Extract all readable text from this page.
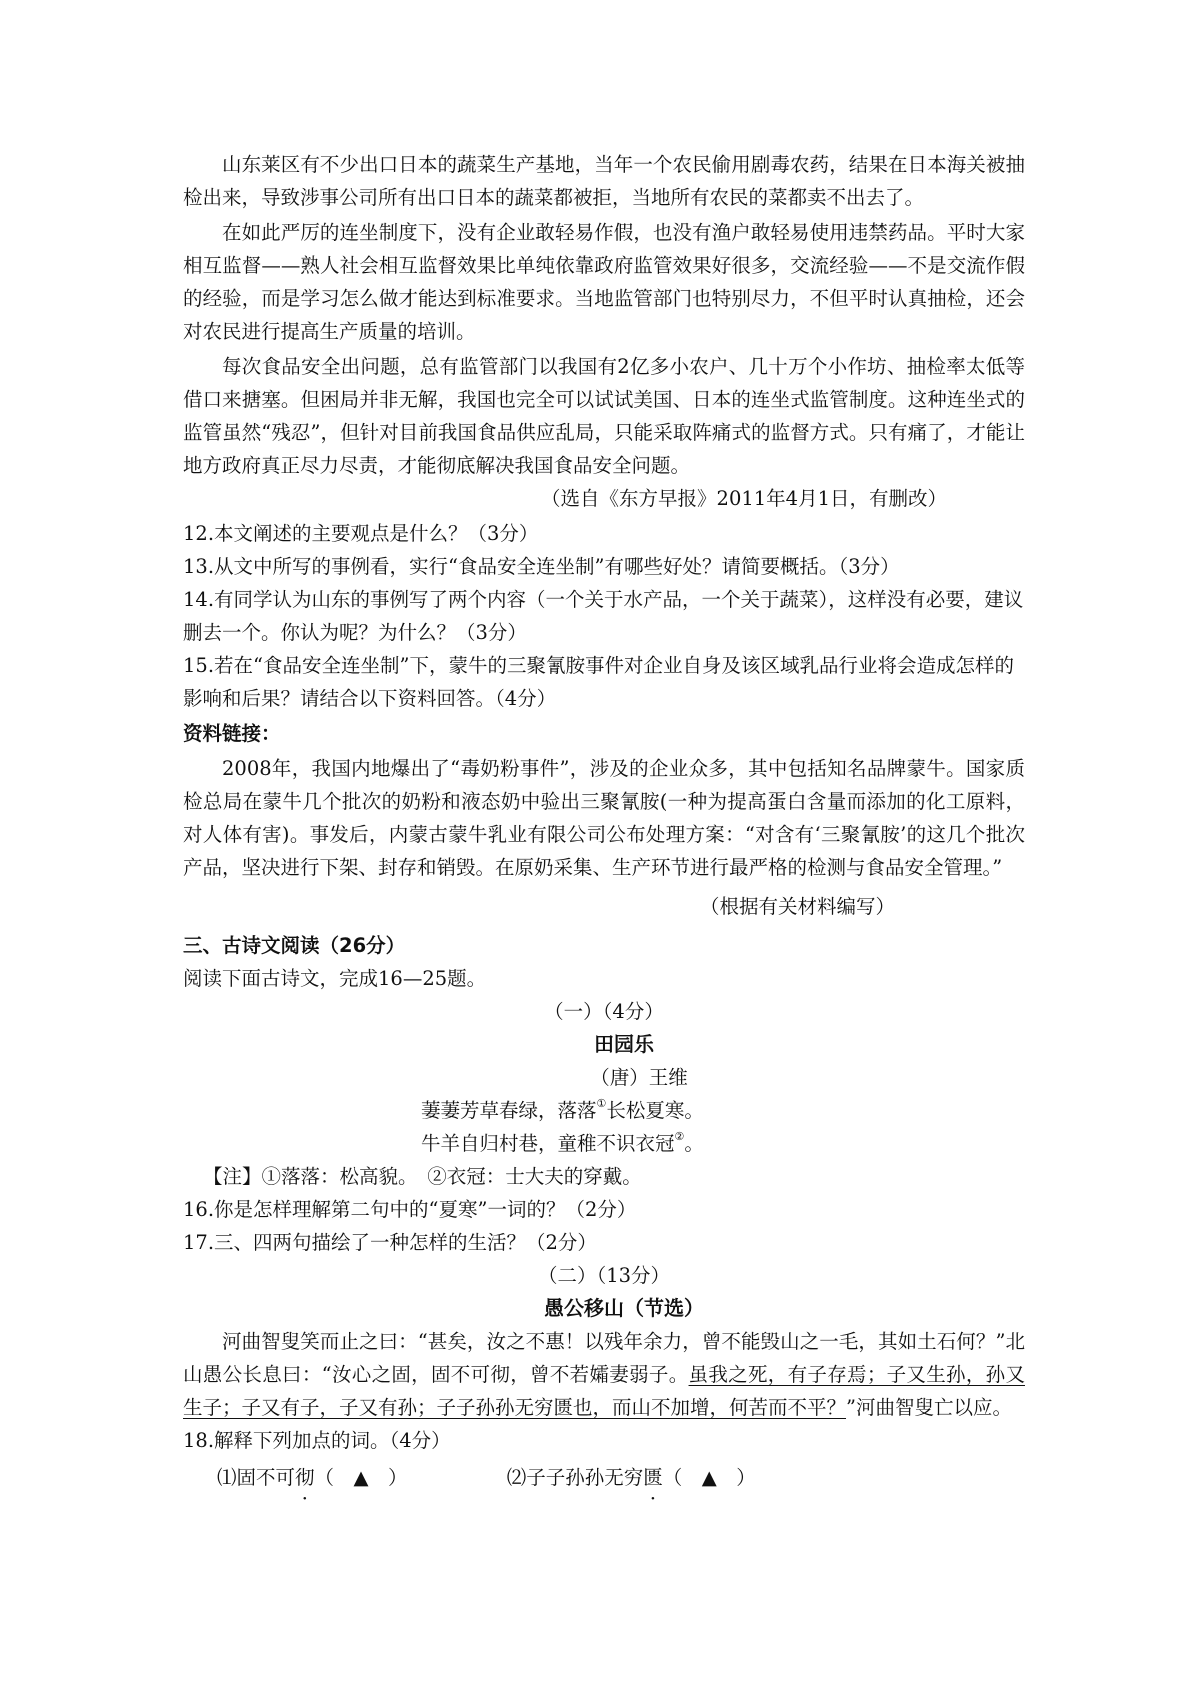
山东莱区有不少出口日本的蔬菜生产基地，当年一个农民偷用剧毒农药，结果在日本海关被抽检出来，导致涉事公司所有出口日本的蔬菜都被拒，当地所有农民的菜都卖不出去了。

在如此严厉的连坐制度下，没有企业敢轻易作假，也没有渔户敢轻易使用违禁药品。平时大家相互监督——熟人社会相互监督效果比单纯依靠政府监管效果好很多，交流经验——不是交流作假的经验，而是学习怎么做才能达到标准要求。当地监管部门也特别尽力，不但平时认真抽检，还会对农民进行提高生产质量的培训。

每次食品安全出问题，总有监管部门以我国有2亿多小农户、几十万个小作坊、抽检率太低等借口来搪塞。但困局并非无解，我国也完全可以试试美国、日本的连坐式监管制度。这种连坐式的监管虽然“残忍”，但针对目前我国食品供应乱局，只能采取阵痛式的监督方式。只有痛了，才能让地方政府真正尽力尽责，才能彻底解决我国食品安全问题。

（选自《东方早报》2011年4月1日，有删改）

12.本文阐述的主要观点是什么？（3分）

13.从文中所写的事例看，实行“食品安全连坐制”有哪些好处？请简要概括。（3分）

14.有同学认为山东的事例写了两个内容（一个关于水产品，一个关于蔬菜），这样没有必要，建议删去一个。你认为呢？为什么？（3分）

15.若在“食品安全连坐制”下，蒙牛的三聚氰胺事件对企业自身及该区域乳品行业将会造成怎样的影响和后果？请结合以下资料回答。（4分）

资料链接：

2008年，我国内地爆出了“毒奶粉事件”，涉及的企业众多，其中包括知名品牌蒙牛。国家质检总局在蒙牛几个批次的奶粉和液态奶中验出三聚氰胺(一种为提高蛋白含量而添加的化工原料，对人体有害)。事发后，内蒙古蒙牛乳业有限公司公布处理方案：“对含有‘三聚氰胺’的这几个批次产品，坚决进行下架、封存和销毁。在原奶采集、生产环节进行最严格的检测与食品安全管理。”

（根据有关材料编写）

三、古诗文阅读（26分）

阅读下面古诗文，完成16—25题。

（一）（4分）

田园乐

（唐）王维

萋萋芳草春绿，落落①长松夏寒。

牛羊自归村巷，童稚不识衣冠②。

【注】①落落：松高貌。　②衣冠：士大夫的穿戴。

16.你是怎样理解第二句中的“夏寒”一词的？（2分）

17.三、四两句描绘了一种怎样的生活？（2分）

（二）（13分）

愚公移山（节选）

河曲智叟笑而止之曰：“甚矣，汝之不惠！以残年余力，曾不能毁山之一毛，其如土石何？”北山愚公长息曰：“汝心之固，固不可彻，曾不若孀妻弱子。虽我之死，有子存焉；子又生孙，孙又生子；子又有子，子又有孙；子子孙孙无穷匮也，而山不加增，何苦而不平？”河曲智叟亡以应。

18.解释下列加点的词。（4分）

⑴固不可彻（　▲　）	⑵子子孙孙无穷匮（　▲　）
